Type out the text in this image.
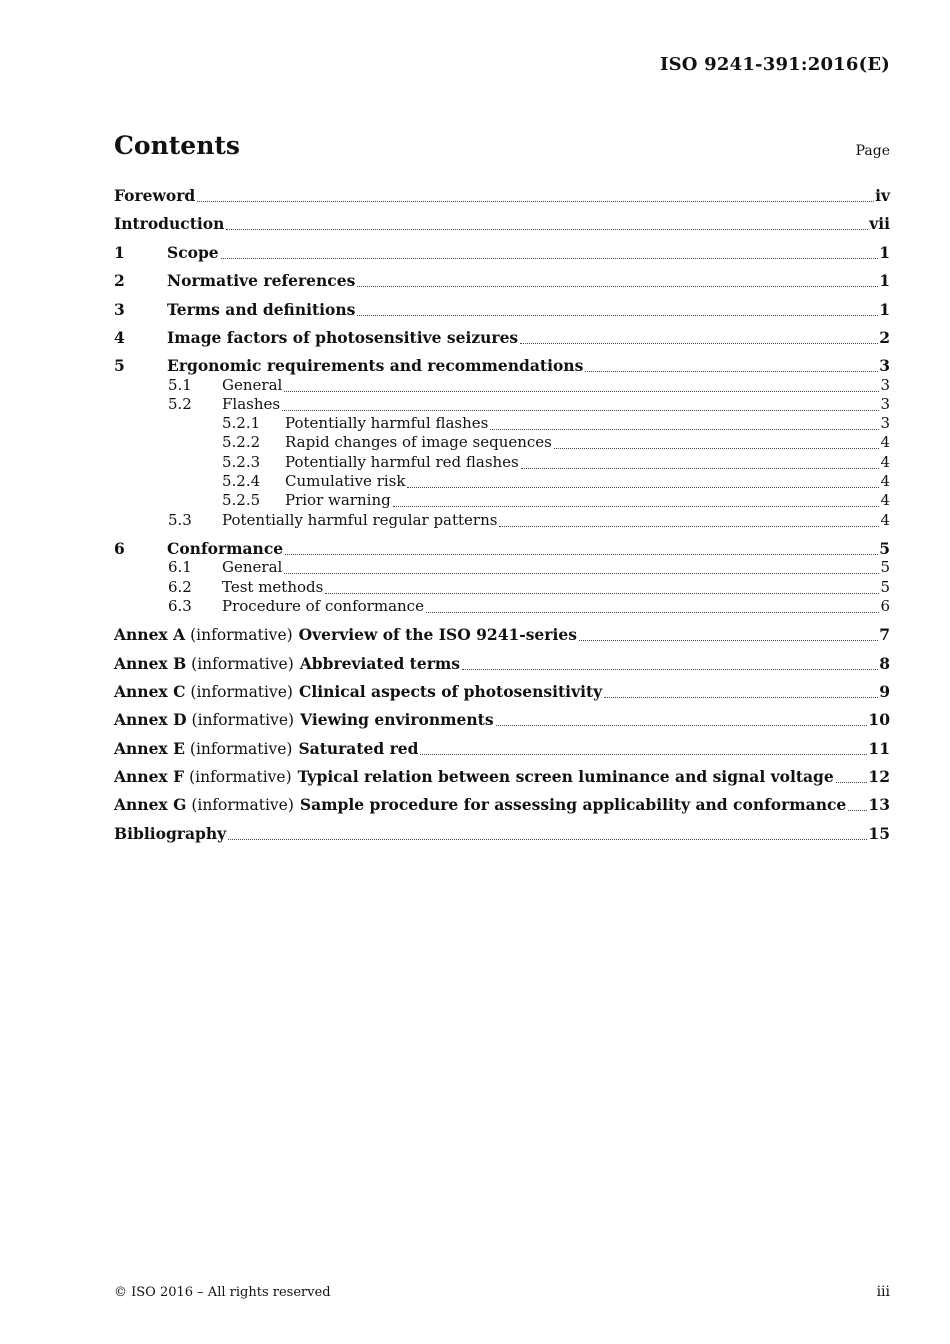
ISO 9241-391:2016(E)
Contents	Page
Foreword	iv
Introduction	vii
1	Scope	1
2	Normative references	1
3	Terms and definitions	1
4	Image factors of photosensitive seizures	2
5	Ergonomic requirements and recommendations	3
5.1	General	3
5.2	Flashes	3
5.2.1	Potentially harmful flashes	3
5.2.2	Rapid changes of image sequences	4
5.2.3	Potentially harmful red flashes	4
5.2.4	Cumulative risk	4
5.2.5	Prior warning	4
5.3	Potentially harmful regular patterns	4
6	Conformance	5
6.1	General	5
6.2	Test methods	5
6.3	Procedure of conformance	6
Annex A (informative) Overview of the ISO 9241-series	7
Annex B (informative) Abbreviated terms	8
Annex C (informative) Clinical aspects of photosensitivity	9
Annex D (informative) Viewing environments	10
Annex E (informative) Saturated red	11
Annex F (informative) Typical relation between screen luminance and signal voltage 12
Annex G (informative) Sample procedure for assessing applicability and conformance 13
Bibliography	15
© ISO 2016 – All rights reserved	iii
